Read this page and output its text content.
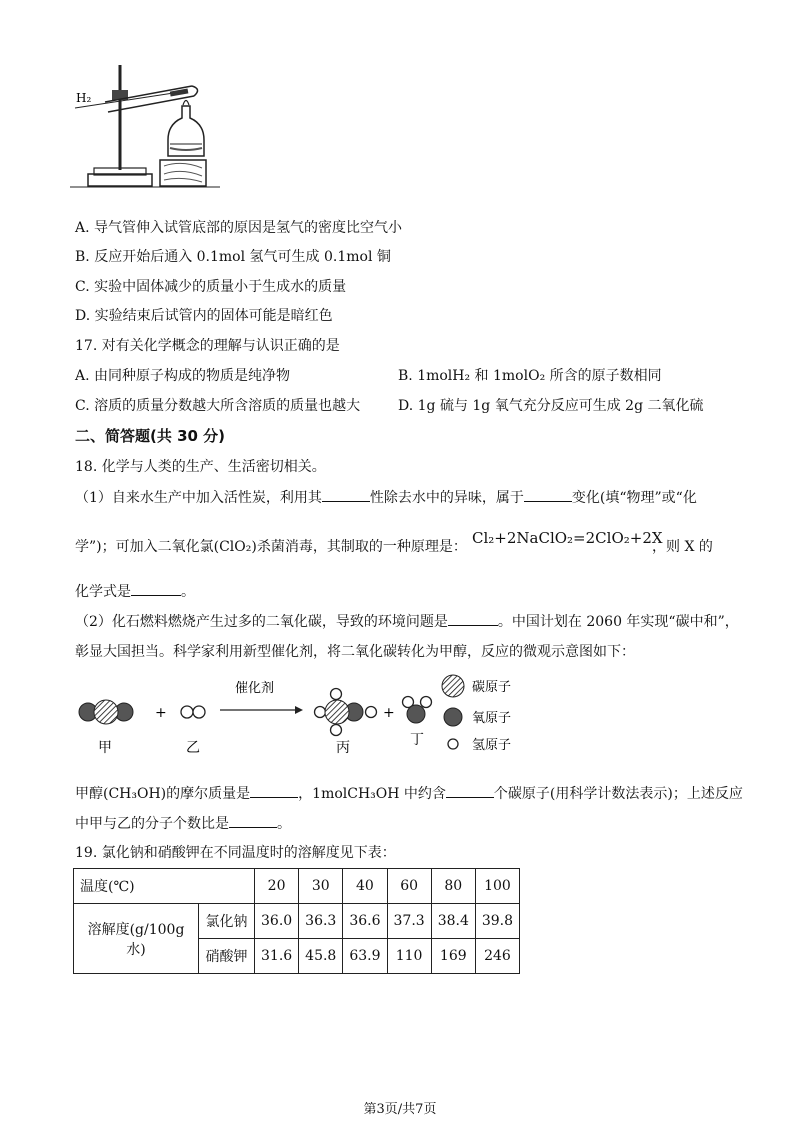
H₂
A. 导气管伸入试管底部的原因是氢气的密度比空气小
B. 反应开始后通入 0.1mol 氢气可生成 0.1mol 铜
C. 实验中固体减少的质量小于生成水的质量
D. 实验结束后试管内的固体可能是暗红色
17. 对有关化学概念的理解与认识正确的是
A. 由同种原子构成的物质是纯净物	B. 1molH₂ 和 1molO₂ 所含的原子数相同
C. 溶质的质量分数越大所含溶质的质量也越大	D. 1g 硫与 1g 氧气充分反应可生成 2g 二氧化硫
二、简答题(共 30 分)
18. 化学与人类的生产、生活密切相关。
（1）自来水生产中加入活性炭，利用其	性除去水中的异味，属于	变化(填“物理”或“化
学”)；可加入二氧化氯(ClO₂)杀菌消毒，其制取的一种原理是： Cl₂+2NaClO₂=2ClO₂+2X
，则 X 的
化学式是	。
（2）化石燃料燃烧产生过多的二氧化碳，导致的环境问题是	。中国计划在 2060 年实现“碳中和”，
彰显大国担当。科学家利用新型催化剂，将二氧化碳转化为甲醇，反应的微观示意图如下：
+
催化剂
+
甲	乙	丙	丁
碳原子
氧原子
氢原子
甲醇(CH₃OH)的摩尔质量是	，1molCH₃OH 中约含	个碳原子(用科学计数法表示)；上述反应
中甲与乙的分子个数比是	。
19. 氯化钠和硝酸钾在不同温度时的溶解度见下表：
温度(℃)		20	30	40	60	80	100
溶解度(g/100g 水)	氯化钠	36.0	36.3	36.6	37.3	38.4	39.8
	硝酸钾	31.6	45.8	63.9	110	169	246
第3页/共7页
